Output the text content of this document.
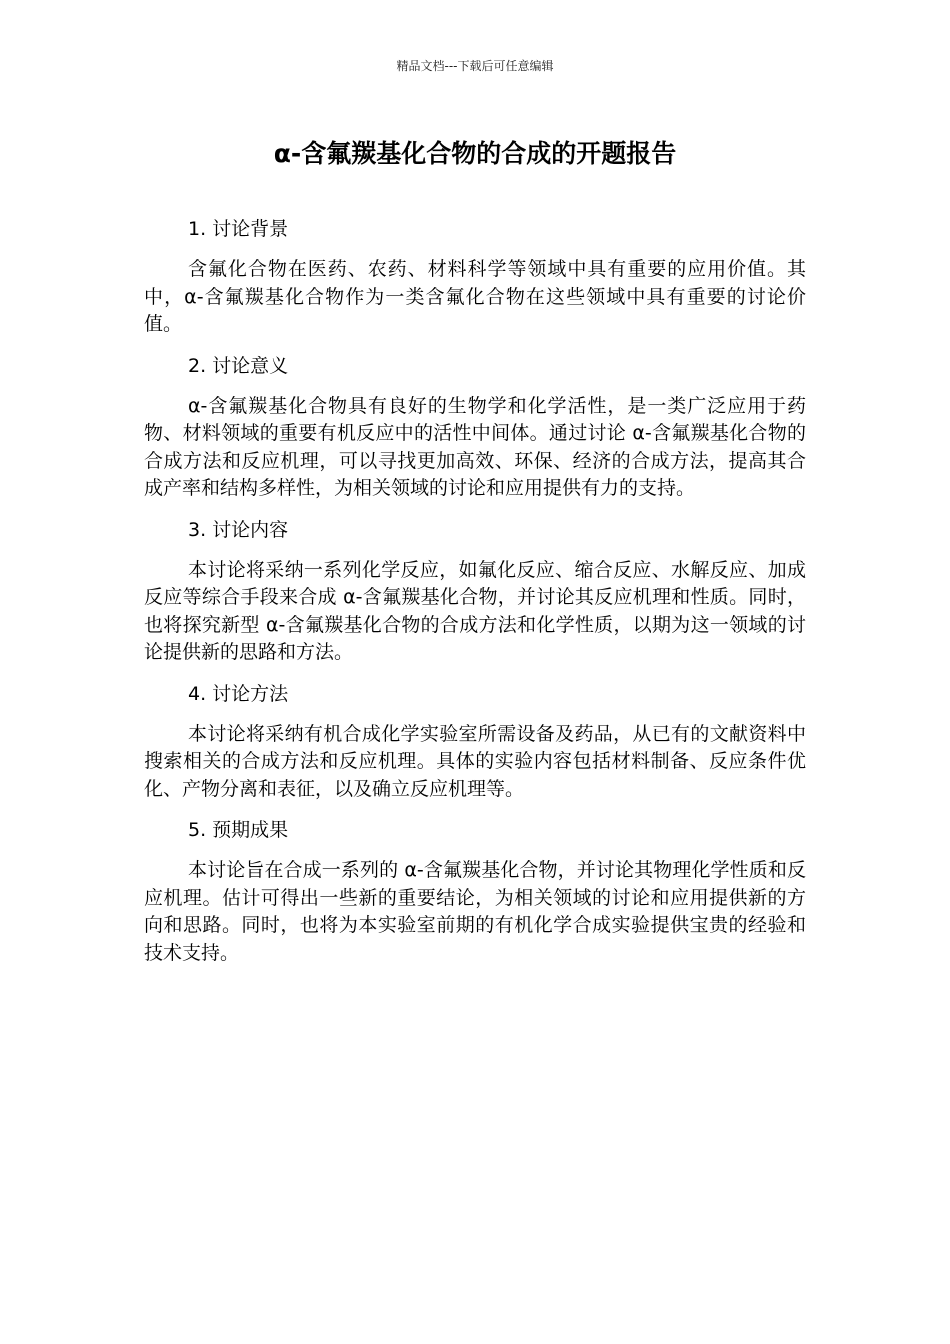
精品文档---下载后可任意编辑
α-含氟羰基化合物的合成的开题报告

1. 讨论背景

含氟化合物在医药、农药、材料科学等领域中具有重要的应用价值。其中，α-含氟羰基化合物作为一类含氟化合物在这些领域中具有重要的讨论价值。

2. 讨论意义

α-含氟羰基化合物具有良好的生物学和化学活性，是一类广泛应用于药物、材料领域的重要有机反应中的活性中间体。通过讨论 α-含氟羰基化合物的合成方法和反应机理，可以寻找更加高效、环保、经济的合成方法，提高其合成产率和结构多样性，为相关领域的讨论和应用提供有力的支持。

3. 讨论内容

本讨论将采纳一系列化学反应，如氟化反应、缩合反应、水解反应、加成反应等综合手段来合成 α-含氟羰基化合物，并讨论其反应机理和性质。同时，也将探究新型 α-含氟羰基化合物的合成方法和化学性质，以期为这一领域的讨论提供新的思路和方法。

4. 讨论方法

本讨论将采纳有机合成化学实验室所需设备及药品，从已有的文献资料中搜索相关的合成方法和反应机理。具体的实验内容包括材料制备、反应条件优化、产物分离和表征，以及确立反应机理等。

5. 预期成果

本讨论旨在合成一系列的 α-含氟羰基化合物，并讨论其物理化学性质和反应机理。估计可得出一些新的重要结论，为相关领域的讨论和应用提供新的方向和思路。同时，也将为本实验室前期的有机化学合成实验提供宝贵的经验和技术支持。
